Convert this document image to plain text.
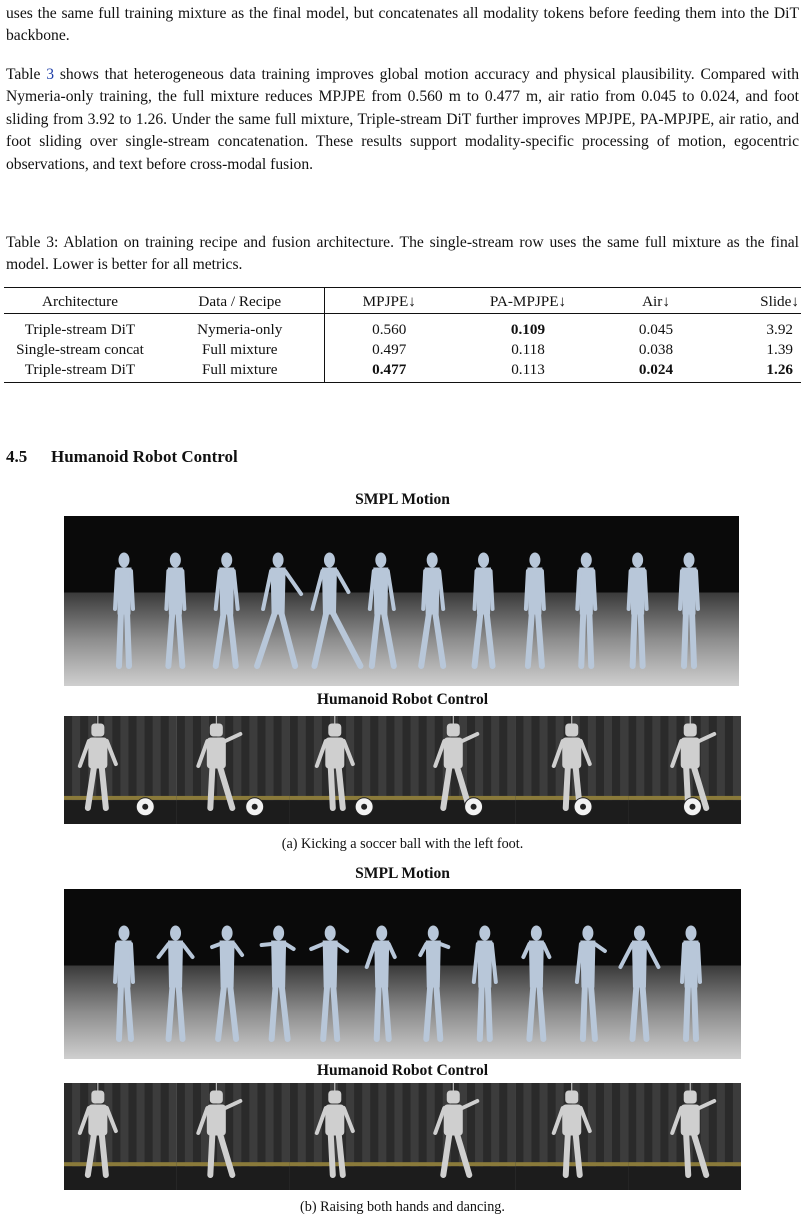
uses the same full training mixture as the final model, but concatenates all modality tokens before feeding them into the DiT backbone.
Table 3 shows that heterogeneous data training improves global motion accuracy and physical plausibility. Compared with Nymeria-only training, the full mixture reduces MPJPE from 0.560 m to 0.477 m, air ratio from 0.045 to 0.024, and foot sliding from 3.92 to 1.26. Under the same full mixture, Triple-stream DiT further improves MPJPE, PA-MPJPE, air ratio, and foot sliding over single-stream concatenation. These results support modality-specific processing of motion, egocentric observations, and text before cross-modal fusion.
Table 3: Ablation on training recipe and fusion architecture. The single-stream row uses the same full mixture as the final model. Lower is better for all metrics.
Architecture	Data / Recipe	MPJPE↓	PA-MPJPE↓	Air↓	Slide↓
Triple-stream DiT	Nymeria-only	0.560	0.109	0.045	3.92
Single-stream concat	Full mixture	0.497	0.118	0.038	1.39
Triple-stream DiT	Full mixture	0.477	0.113	0.024	1.26
4.5 Humanoid Robot Control
SMPL Motion
Humanoid Robot Control
(a) Kicking a soccer ball with the left foot.
SMPL Motion
Humanoid Robot Control
(b) Raising both hands and dancing.
